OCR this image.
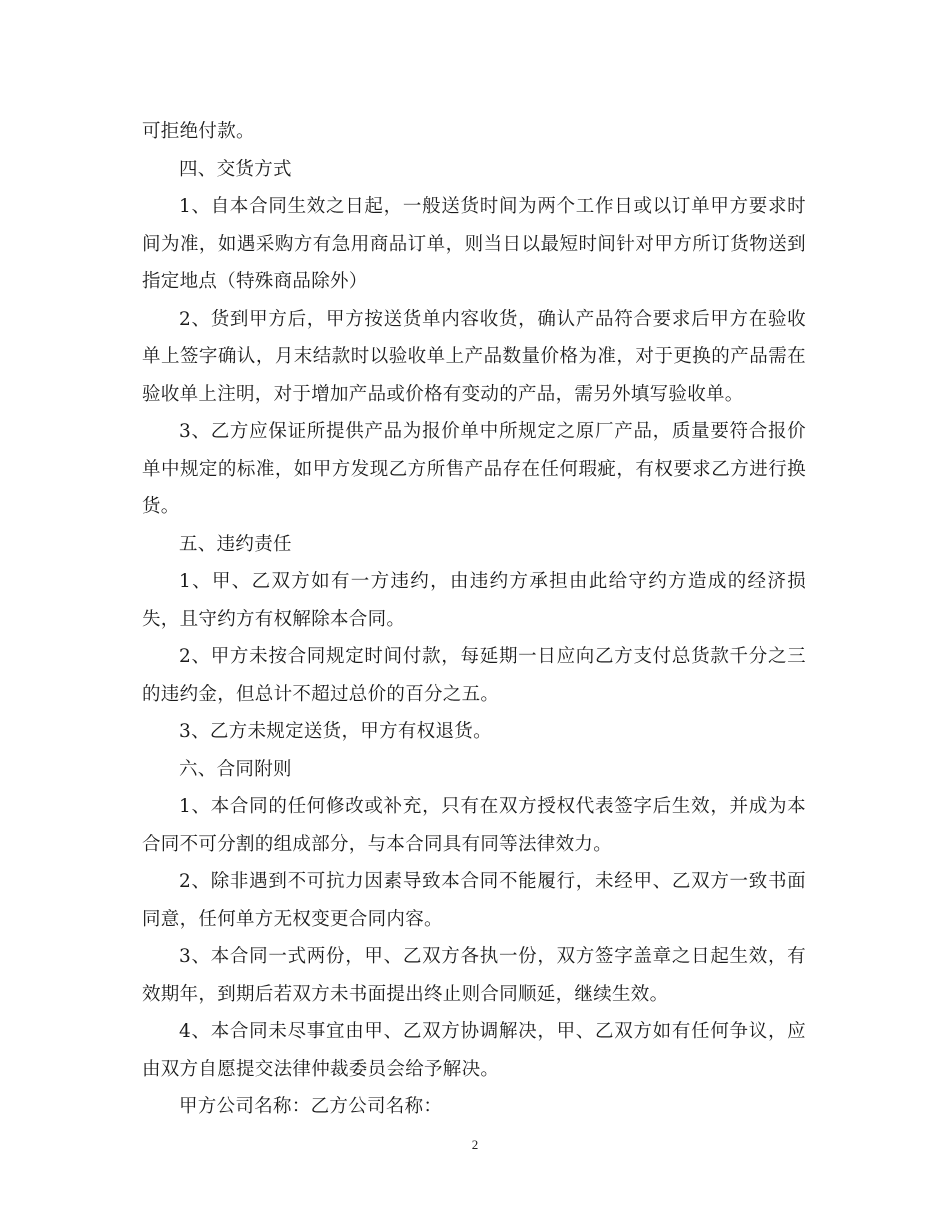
可拒绝付款。

四、交货方式

1、自本合同生效之日起，一般送货时间为两个工作日或以订单甲方要求时间为准，如遇采购方有急用商品订单，则当日以最短时间针对甲方所订货物送到指定地点（特殊商品除外）

2、货到甲方后，甲方按送货单内容收货，确认产品符合要求后甲方在验收单上签字确认，月末结款时以验收单上产品数量价格为准，对于更换的产品需在验收单上注明，对于增加产品或价格有变动的产品，需另外填写验收单。

3、乙方应保证所提供产品为报价单中所规定之原厂产品，质量要符合报价单中规定的标准，如甲方发现乙方所售产品存在任何瑕疵，有权要求乙方进行换货。

五、违约责任

1、甲、乙双方如有一方违约，由违约方承担由此给守约方造成的经济损失，且守约方有权解除本合同。

2、甲方未按合同规定时间付款，每延期一日应向乙方支付总货款千分之三的违约金，但总计不超过总价的百分之五。

3、乙方未规定送货，甲方有权退货。

六、合同附则

1、本合同的任何修改或补充，只有在双方授权代表签字后生效，并成为本合同不可分割的组成部分，与本合同具有同等法律效力。

2、除非遇到不可抗力因素导致本合同不能履行，未经甲、乙双方一致书面同意，任何单方无权变更合同内容。

3、本合同一式两份，甲、乙双方各执一份，双方签字盖章之日起生效，有效期年，到期后若双方未书面提出终止则合同顺延，继续生效。

4、本合同未尽事宜由甲、乙双方协调解决，甲、乙双方如有任何争议，应由双方自愿提交法律仲裁委员会给予解决。

甲方公司名称：乙方公司名称：

2
